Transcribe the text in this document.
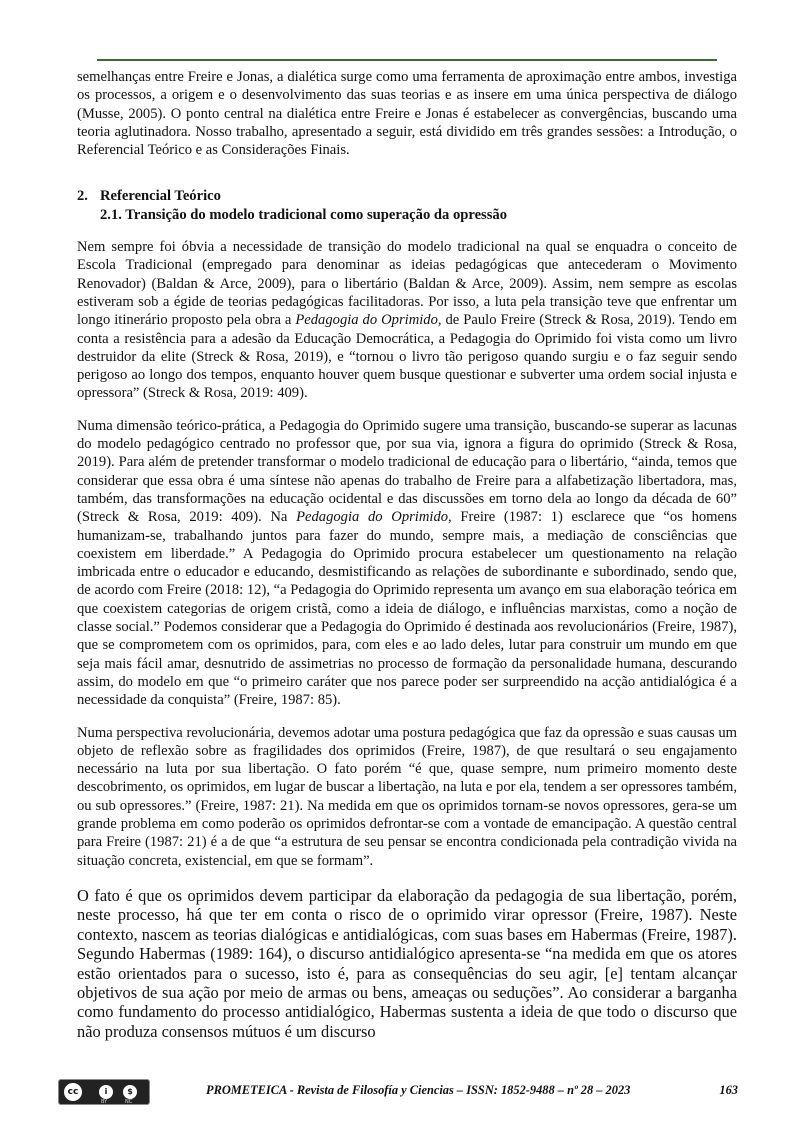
semelhanças entre Freire e Jonas, a dialética surge como uma ferramenta de aproximação entre ambos, investiga os processos, a origem e o desenvolvimento das suas teorias e as insere em uma única perspectiva de diálogo (Musse, 2005). O ponto central na dialética entre Freire e Jonas é estabelecer as convergências, buscando uma teoria aglutinadora. Nosso trabalho, apresentado a seguir, está dividido em três grandes sessões: a Introdução, o Referencial Teórico e as Considerações Finais.

2. Referencial Teórico
2.1. Transição do modelo tradicional como superação da opressão

Nem sempre foi óbvia a necessidade de transição do modelo tradicional na qual se enquadra o conceito de Escola Tradicional (empregado para denominar as ideias pedagógicas que antecederam o Movimento Renovador) (Baldan & Arce, 2009), para o libertário (Baldan & Arce, 2009). Assim, nem sempre as escolas estiveram sob a égide de teorias pedagógicas facilitadoras. Por isso, a luta pela transição teve que enfrentar um longo itinerário proposto pela obra a Pedagogia do Oprimido, de Paulo Freire (Streck & Rosa, 2019). Tendo em conta a resistência para a adesão da Educação Democrática, a Pedagogia do Oprimido foi vista como um livro destruidor da elite (Streck & Rosa, 2019), e “tornou o livro tão perigoso quando surgiu e o faz seguir sendo perigoso ao longo dos tempos, enquanto houver quem busque questionar e subverter uma ordem social injusta e opressora” (Streck & Rosa, 2019: 409).

Numa dimensão teórico-prática, a Pedagogia do Oprimido sugere uma transição, buscando-se superar as lacunas do modelo pedagógico centrado no professor que, por sua via, ignora a figura do oprimido (Streck & Rosa, 2019). Para além de pretender transformar o modelo tradicional de educação para o libertário, “ainda, temos que considerar que essa obra é uma síntese não apenas do trabalho de Freire para a alfabetização libertadora, mas, também, das transformações na educação ocidental e das discussões em torno dela ao longo da década de 60” (Streck & Rosa, 2019: 409). Na Pedagogia do Oprimido, Freire (1987: 1) esclarece que “os homens humanizam-se, trabalhando juntos para fazer do mundo, sempre mais, a mediação de consciências que coexistem em liberdade.” A Pedagogia do Oprimido procura estabelecer um questionamento na relação imbricada entre o educador e educando, desmistificando as relações de subordinante e subordinado, sendo que, de acordo com Freire (2018: 12), “a Pedagogia do Oprimido representa um avanço em sua elaboração teórica em que coexistem categorias de origem cristã, como a ideia de diálogo, e influências marxistas, como a noção de classe social.” Podemos considerar que a Pedagogia do Oprimido é destinada aos revolucionários (Freire, 1987), que se comprometem com os oprimidos, para, com eles e ao lado deles, lutar para construir um mundo em que seja mais fácil amar, desnutrido de assimetrias no processo de formação da personalidade humana, descurando assim, do modelo em que “o primeiro caráter que nos parece poder ser surpreendido na acção antidialógica é a necessidade da conquista” (Freire, 1987: 85).

Numa perspectiva revolucionária, devemos adotar uma postura pedagógica que faz da opressão e suas causas um objeto de reflexão sobre as fragilidades dos oprimidos (Freire, 1987), de que resultará o seu engajamento necessário na luta por sua libertação. O fato porém “é que, quase sempre, num primeiro momento deste descobrimento, os oprimidos, em lugar de buscar a libertação, na luta e por ela, tendem a ser opressores também, ou sub opressores.” (Freire, 1987: 21). Na medida em que os oprimidos tornam-se novos opressores, gera-se um grande problema em como poderão os oprimidos defrontar-se com a vontade de emancipação. A questão central para Freire (1987: 21) é a de que “a estrutura de seu pensar se encontra condicionada pela contradição vivida na situação concreta, existencial, em que se formam”.

O fato é que os oprimidos devem participar da elaboração da pedagogia de sua libertação, porém, neste processo, há que ter em conta o risco de o oprimido virar opressor (Freire, 1987). Neste contexto, nascem as teorias dialógicas e antidialógicas, com suas bases em Habermas (Freire, 1987). Segundo Habermas (1989: 164), o discurso antidialógico apresenta-se “na medida em que os atores estão orientados para o sucesso, isto é, para as consequências do seu agir, [e] tentam alcançar objetivos de sua ação por meio de armas ou bens, ameaças ou seduções”. Ao considerar a barganha como fundamento do processo antidialógico, Habermas sustenta a ideia de que todo o discurso que não produza consensos mútuos é um discurso

cc	i	$
BY	NC
PROMETEICA - Revista de Filosofía y Ciencias – ISSN: 1852-9488 – nº 28 – 2023	163
